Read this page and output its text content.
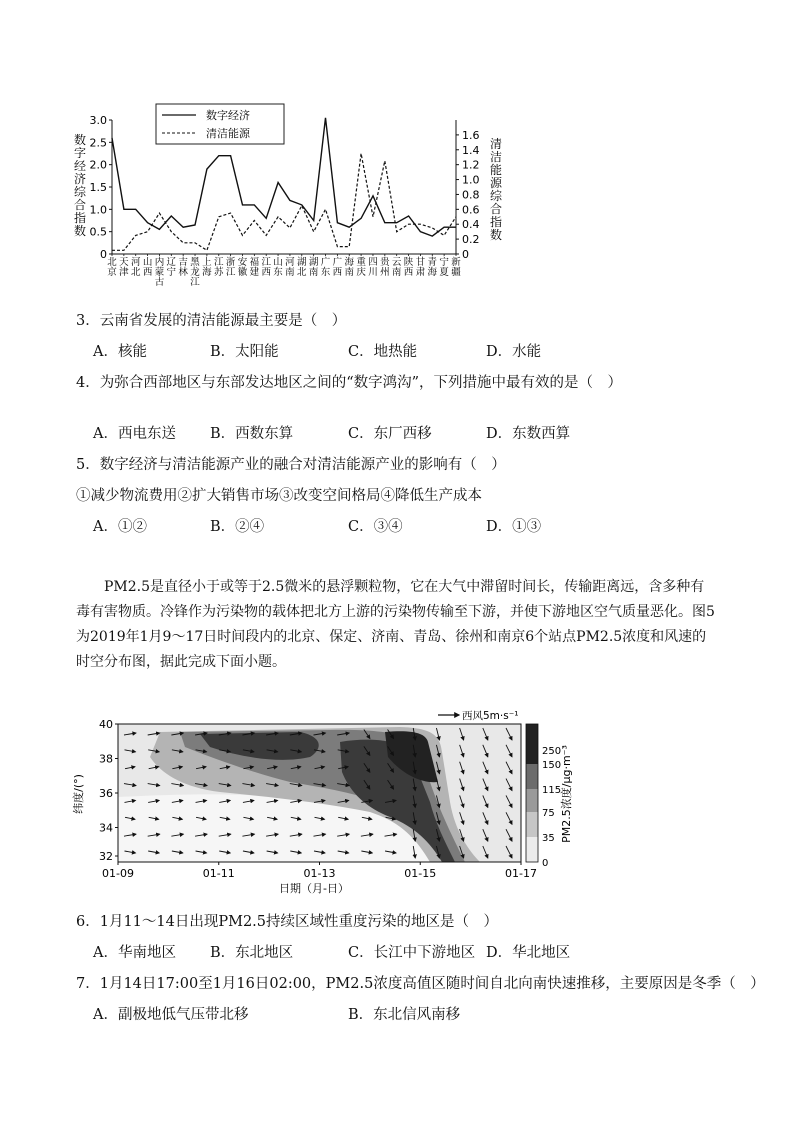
数字经济
清洁能源
3.0
2.5
2.0
1.5
1.0
0.5
0
1.6
1.4
1.2
1.0
0.8
0.6
0.4
0.2
0
北京
天津
河北
山西
内蒙古
辽宁
吉林
黑龙江
上海
江苏
浙江
安徽
福建
江西
山东
河南
湖北
湖南
广东
广西
海南
重庆
四川
贵州
云南
陕西
甘肃
青海
宁夏
新疆
数字经济综合指数
清洁能源综合指数
3．云南省发展的清洁能源最主要是（　）
A．核能	B．太阳能	C．地热能	D．水能
4．为弥合西部地区与东部发达地区之间的“数字鸿沟”，下列措施中最有效的是（　）
A．西电东送 B．西数东算	C．东厂西移	D．东数西算
5．数字经济与清洁能源产业的融合对清洁能源产业的影响有（　）
①减少物流费用②扩大销售市场③改变空间格局④降低生产成本
A．①②	B．②④	C．③④	D．①③
PM2.5是直径小于或等于2.5微米的悬浮颗粒物，它在大气中滞留时间长，传输距离远，含多种有毒有害物质。冷锋作为污染物的载体把北方上游的污染物传输至下游，并使下游地区空气质量恶化。图5为2019年1月9～17日时间段内的北京、保定、济南、青岛、徐州和南京6个站点PM2.5浓度和风速的时空分布图，据此完成下面小题。
250
150
115
75
35
0
PM2.5浓度/μg·m⁻³
40
38
36
34
32
01-09	01-11	01-13	01-15	01-17
纬度/(°)
日期（月-日）
西风5m·s⁻¹
6．1月11～14日出现PM2.5持续区域性重度污染的地区是（　）
A．华南地区 B．东北地区	C．长江中下游地区 D．华北地区
7．1月14日17:00至1月16日02:00，PM2.5浓度高值区随时间自北向南快速推移，主要原因是冬季（　）
A．副极地低气压带北移	B．东北信风南移
